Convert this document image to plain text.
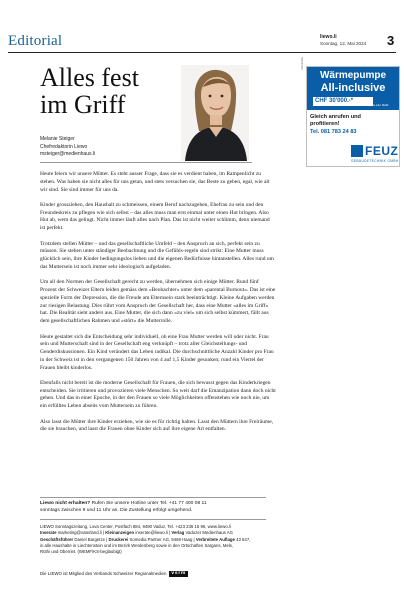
Editorial	liewo.li
Sonntag, 12. Mai 2024 3
Alles fest
im Griff
Melanie Steiger
Chefredaktorin Liewo
msteiger@medienhaus.li

Heute feiern wir unsere Mütter. Es steht ausser Frage, dass sie es verdient haben, im Rampenlicht zu stehen. Was haben sie nicht alles für uns getan, und stets versuchen sie, das Beste zu geben, egal, wie alt wir sind. Sie sind immer für uns da.

Kinder grossziehen, den Haushalt zu schmeissen, einem Beruf nachzugehen, Ehefrau zu sein und den Freundeskreis zu pflegen wie sich selbst – das alles muss man erst einmal unter einen Hut bringen. Also Hut ab, wem das gelingt. Nicht immer läuft alles nach Plan. Das ist nicht weiter schlimm, denn niemand ist perfekt.

Trotzdem stellen Mütter – und das gesellschaftliche Umfeld – den Anspruch an sich, perfekt sein zu müssen. Sie stehen unter ständiger Beobachtung und die Gefühls-regeln sind strikt: Eine Mutter muss glücklich sein, ihre Kinder bedingungslos lieben und die eigenen Bedürfnisse hintanstellen. Alles rund um das Muttersein ist noch immer sehr ideologisch aufgeladen.

Um all den Normen der Gesellschaft gerecht zu werden, übernehmen sich einige Mütter. Rund fünf Prozent der Schweizer Eltern leiden gemäss dem «Beobachter» unter dem «parental Burnout». Das ist eine spezielle Form der Depression, die die Freude am Elternsein stark beeinträchtigt. Kleine Aufgaben werden zur riesigen Belastung. Dies rührt vom Anspruch der Gesellschaft her, dass eine Mutter «alles im Griff» hat. Die Realität sieht anders aus. Eine Mutter, die sich dann «zu viel» um sich selbst kümmert, fällt aus dem gesellschaftlichen Rahmen und «stört» die Mutterrolle.

Heute gestaltet sich die Entscheidung sehr individuell, ob eine Frau Mutter werden will oder nicht. Frau sein und Mutterschaft sind in der Gesellschaft eng verknüpft – trotz aller Gleichstellungs- und Genderdiskussionen. Ein Kind verändert das Leben radikal. Die durchschnittliche Anzahl Kinder pro Frau in der Schweiz ist in den vergangenen 150 Jahren von 4 auf 1,5 Kinder gesunken; rund ein Viertel der Frauen bleibt kinderlos.

Ebenfalls nicht bereit ist die moderne Gesellschaft für Frauen, die sich bewusst gegen das Kinderkriegen entscheiden. Sie irritieren und provozieren viele Menschen. So weit darf die Emanzipation dann doch nicht gehen. Und das in einer Epoche, in der den Frauen so viele Möglichkeiten offenstehen wie noch nie, um ein erfülltes Leben abseits vom Muttersein zu führen.

Also lasst die Mütter ihre Kinder erziehen, wie sie es für richtig halten. Lasst den Müttern ihre Freiräume, die sie brauchen, und lasst die Frauen ohne Kinder sich auf ihre eigene Art entfalten.

Liewo nicht erhalten? Rufen Sie unsere Hotline unter Tel. +41 77 400 08 11
sonntags zwischen 9 und 11 Uhr an. Die Zustellung erfolgt umgehend.
LIEWO Sonntagszeitung, Lova Center, Postfach 884, 9490 Vaduz, Tel. +423 236 16 96, www.liewo.li
Inserate marketing@vaterland.li | Kleinanzeigen inserate@liewo.li | Verlag Vaduzer Medienhaus AG
Geschäftsführer Daniel Bargetze | Druckerei Somedia Partner AG, 9469 Haag | Verbreitete Auflage 43 647,
in alle Haushalte in Liechtenstein und im Bezirk Werdenberg sowie in den Ortschaften Sargans, Mels,
Rüthi und Oberriet. (WEMF/KS-beglaubigt)
Die LIEWO ist Mitglied des Verbands Schweizer Regionalmedien vsrm
ANZEIGE
Wärmepumpe
All-inclusive
CHF 30'000.-*
*Fixpreis exkl. MwSt
Gleich anrufen und
profitieren!
Tel. 081 783 24 83
FEUZ
GEBÄUDETECHNIK GMBH
